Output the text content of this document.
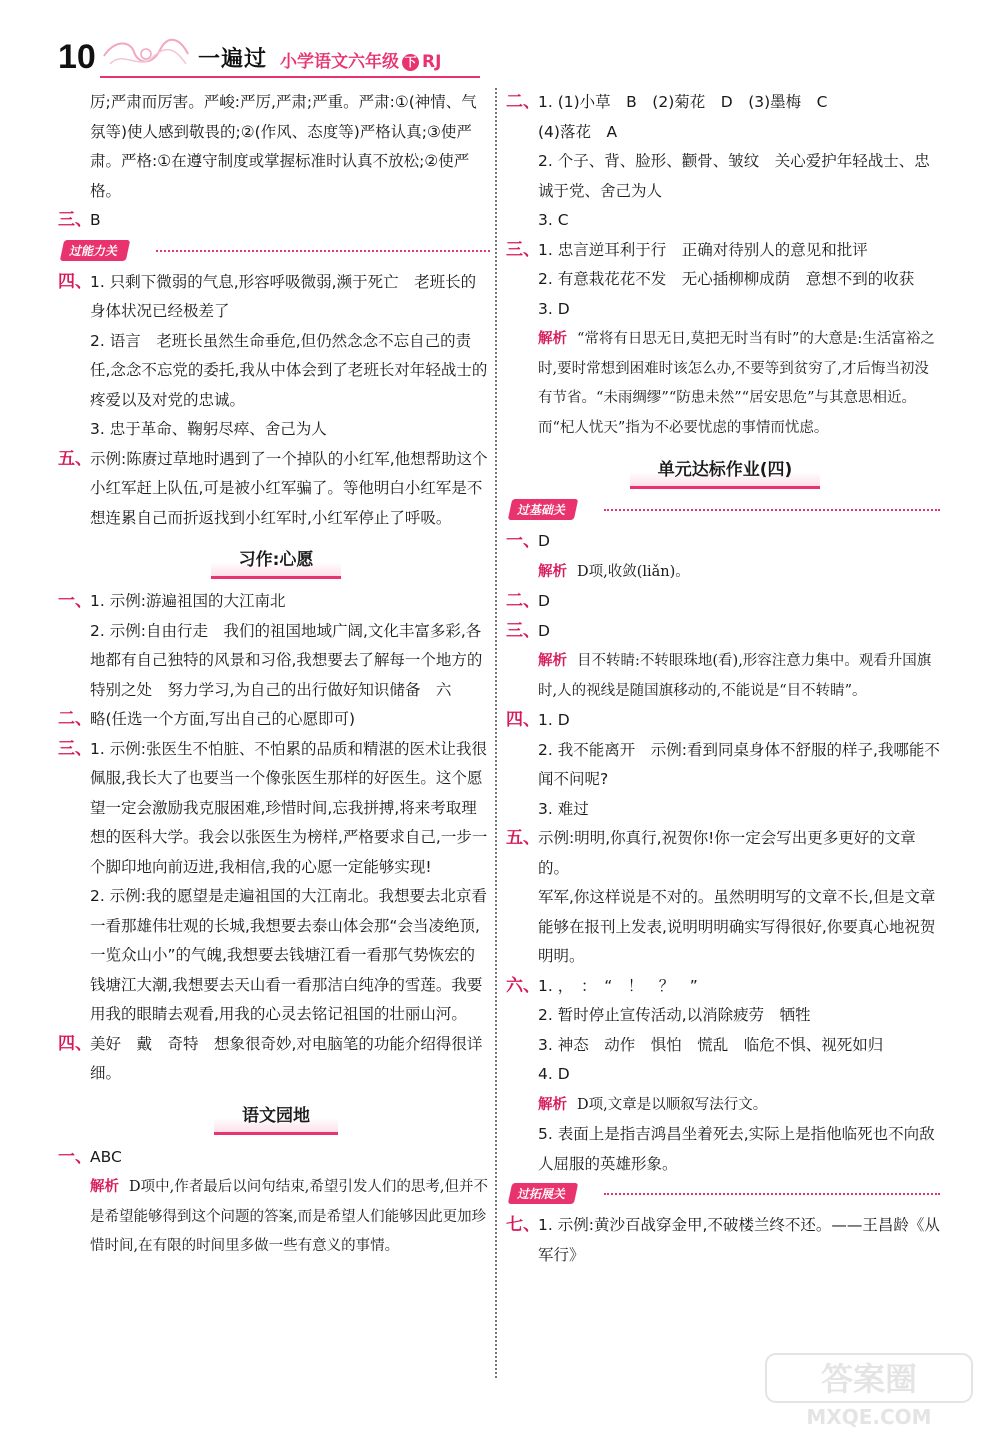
10	一遍过 小学语文六年级 下 RJ
厉;严肃而厉害。严峻:严厉,严肃;严重。严肃:①(神情、气氛等)使人感到敬畏的;②(作风、态度等)严格认真;③使严肃。严格:①在遵守制度或掌握标准时认真不放松;②使严格。
三、
B
过能力关
四、
1. 只剩下微弱的气息,形容呼吸微弱,濒于死亡　老班长的身体状况已经极差了
2. 语言　老班长虽然生命垂危,但仍然念念不忘自己的责任,念念不忘党的委托,我从中体会到了老班长对年轻战士的疼爱以及对党的忠诚。
3. 忠于革命、鞠躬尽瘁、舍己为人
五、
示例:陈赓过草地时遇到了一个掉队的小红军,他想帮助这个小红军赶上队伍,可是被小红军骗了。等他明白小红军是不想连累自己而折返找到小红军时,小红军停止了呼吸。
习作:心愿
一、
1. 示例:游遍祖国的大江南北
2. 示例:自由行走　我们的祖国地域广阔,文化丰富多彩,各地都有自己独特的风景和习俗,我想要去了解每一个地方的特别之处　努力学习,为自己的出行做好知识储备　六
二、
略(任选一个方面,写出自己的心愿即可)
三、
1. 示例:张医生不怕脏、不怕累的品质和精湛的医术让我很佩服,我长大了也要当一个像张医生那样的好医生。这个愿望一定会激励我克服困难,珍惜时间,忘我拼搏,将来考取理想的医科大学。我会以张医生为榜样,严格要求自己,一步一个脚印地向前迈进,我相信,我的心愿一定能够实现!
2. 示例:我的愿望是走遍祖国的大江南北。我想要去北京看一看那雄伟壮观的长城,我想要去泰山体会那“会当凌绝顶,一览众山小”的气魄,我想要去钱塘江看一看那气势恢宏的钱塘江大潮,我想要去天山看一看那洁白纯净的雪莲。我要用我的眼睛去观看,用我的心灵去铭记祖国的壮丽山河。
四、
美好　戴　奇特　想象很奇妙,对电脑笔的功能介绍得很详细。
语文园地
一、
ABC
解析 D项中,作者最后以问句结束,希望引发人们的思考,但并不是希望能够得到这个问题的答案,而是希望人们能够因此更加珍惜时间,在有限的时间里多做一些有意义的事情。
二、
1. (1)小草　B　(2)菊花　D　(3)墨梅　C
(4)落花　A
2. 个子、背、脸形、颧骨、皱纹　关心爱护年轻战士、忠诚于党、舍己为人
3. C
三、
1. 忠言逆耳利于行　正确对待别人的意见和批评
2. 有意栽花花不发　无心插柳柳成荫　意想不到的收获
3. D
解析 “常将有日思无日,莫把无时当有时”的大意是:生活富裕之时,要时常想到困难时该怎么办,不要等到贫穷了,才后悔当初没有节省。“未雨绸缪”“防患未然”“居安思危”与其意思相近。而“杞人忧天”指为不必要忧虑的事情而忧虑。
单元达标作业(四)
过基础关
一、
D
解析 D项,收敛(liǎn)。
二、
D
三、
D
解析 目不转睛:不转眼珠地(看),形容注意力集中。观看升国旗时,人的视线是随国旗移动的,不能说是“目不转睛”。
四、
1. D
2. 我不能离开　示例:看到同桌身体不舒服的样子,我哪能不闻不问呢?
3. 难过
五、
示例:明明,你真行,祝贺你!你一定会写出更多更好的文章的。
军军,你这样说是不对的。虽然明明写的文章不长,但是文章能够在报刊上发表,说明明明确实写得很好,你要真心地祝贺明明。
六、
1. ，　：　“　！　？　”
2. 暂时停止宣传活动,以消除疲劳　牺牲
3. 神态　动作　惧怕　慌乱　临危不惧、视死如归
4. D
解析 D项,文章是以顺叙写法行文。
5. 表面上是指吉鸿昌坐着死去,实际上是指他临死也不向敌人屈服的英雄形象。
过拓展关
七、
1. 示例:黄沙百战穿金甲,不破楼兰终不还。——王昌龄《从军行》
答案圈
MXQE.COM
